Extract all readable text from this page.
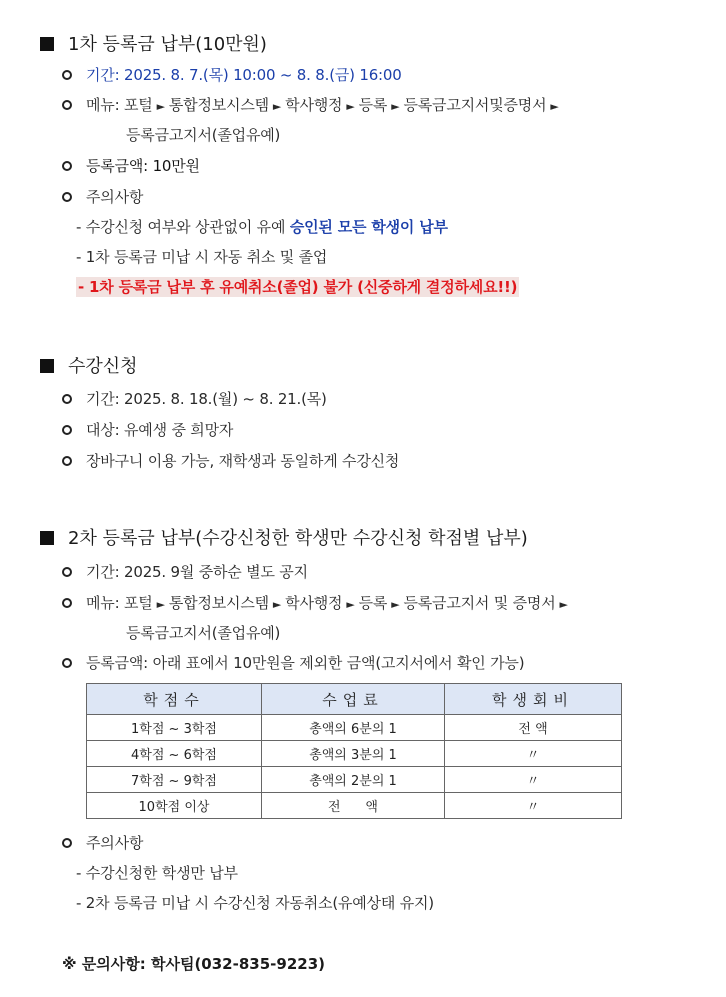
1차 등록금 납부(10만원)
기간: 2025. 8. 7.(목) 10:00 ~ 8. 8.(금) 16:00
메뉴: 포털 ► 통합정보시스템 ► 학사행정 ► 등록 ► 등록금고지서및증명서 ►
등록금고지서(졸업유예)
등록금액: 10만원
주의사항
- 수강신청 여부와 상관없이 유예 승인된 모든 학생이 납부
- 1차 등록금 미납 시 자동 취소 및 졸업
- 1차 등록금 납부 후 유예취소(졸업) 불가 (신중하게 결정하세요!!)
수강신청
기간: 2025. 8. 18.(월) ~ 8. 21.(목)
대상: 유예생 중 희망자
장바구니 이용 가능, 재학생과 동일하게 수강신청
2차 등록금 납부(수강신청한 학생만 수강신청 학점별 납부)
기간: 2025. 9월 중하순 별도 공지
메뉴: 포털 ► 통합정보시스템 ► 학사행정 ► 등록 ► 등록금고지서 및 증명서 ►
등록금고지서(졸업유예)
등록금액: 아래 표에서 10만원을 제외한 금액(고지서에서 확인 가능)
학점수	수업료	학생회비
1학점 ~ 3학점	총액의 6분의 1	전 액
4학점 ~ 6학점	총액의 3분의 1	〃
7학점 ~ 9학점	총액의 2분의 1	〃
10학점 이상	전      액	〃
주의사항
- 수강신청한 학생만 납부
- 2차 등록금 미납 시 수강신청 자동취소(유예상태 유지)
※ 문의사항: 학사팀(032-835-9223)
